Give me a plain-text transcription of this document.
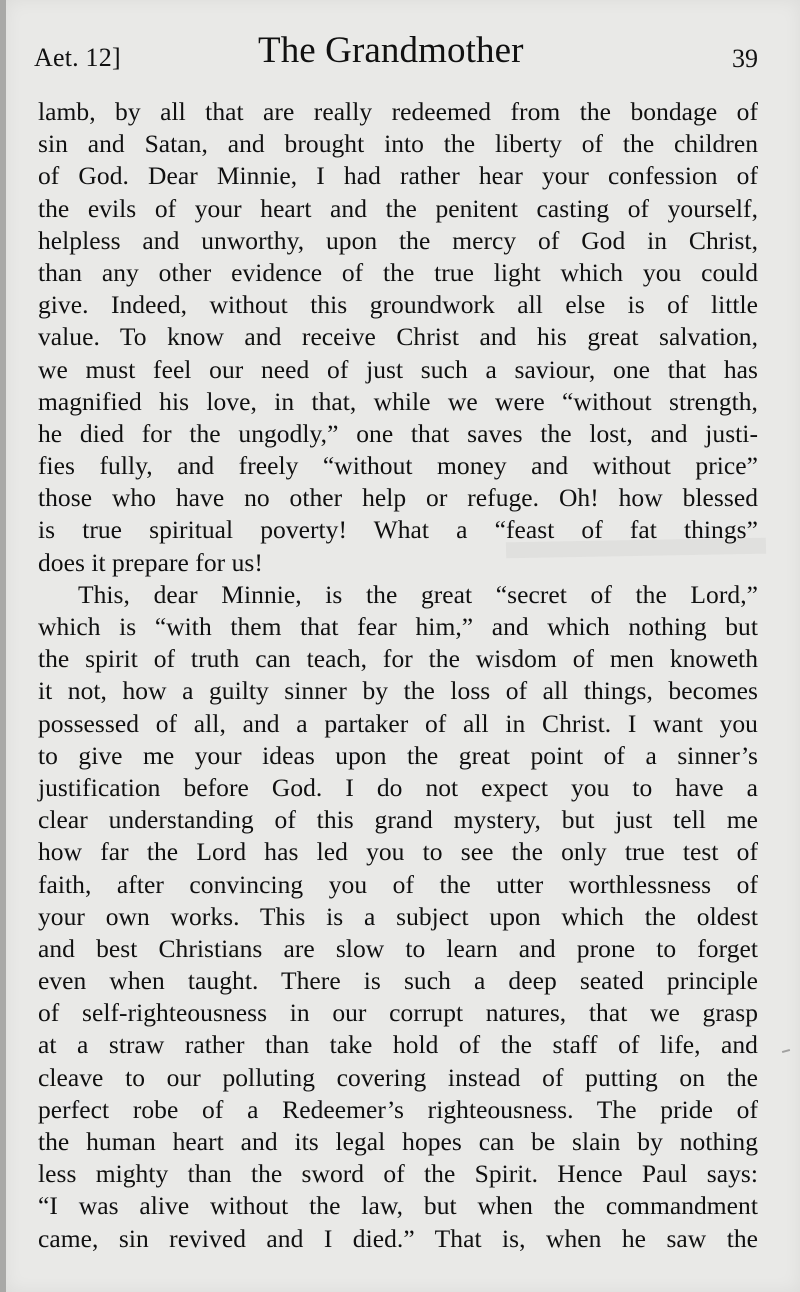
Aet. 12]	The Grandmother	39
lamb, by all that are really redeemed from the bondage of
sin and Satan, and brought into the liberty of the children
of God. Dear Minnie, I had rather hear your confession of
the evils of your heart and the penitent casting of yourself,
helpless and unworthy, upon the mercy of God in Christ,
than any other evidence of the true light which you could
give. Indeed, without this groundwork all else is of little
value. To know and receive Christ and his great salvation,
we must feel our need of just such a saviour, one that has
magnified his love, in that, while we were “without strength,
he died for the ungodly,” one that saves the lost, and justi-
fies fully, and freely “without money and without price”
those who have no other help or refuge. Oh! how blessed
is true spiritual poverty! What a “feast of fat things”
does it prepare for us!
This, dear Minnie, is the great “secret of the Lord,”
which is “with them that fear him,” and which nothing but
the spirit of truth can teach, for the wisdom of men knoweth
it not, how a guilty sinner by the loss of all things, becomes
possessed of all, and a partaker of all in Christ. I want you
to give me your ideas upon the great point of a sinner’s
justification before God. I do not expect you to have a
clear understanding of this grand mystery, but just tell me
how far the Lord has led you to see the only true test of
faith, after convincing you of the utter worthlessness of
your own works. This is a subject upon which the oldest
and best Christians are slow to learn and prone to forget
even when taught. There is such a deep seated principle
of self-righteousness in our corrupt natures, that we grasp
at a straw rather than take hold of the staff of life, and
cleave to our polluting covering instead of putting on the
perfect robe of a Redeemer’s righteousness. The pride of
the human heart and its legal hopes can be slain by nothing
less mighty than the sword of the Spirit. Hence Paul says:
“I was alive without the law, but when the commandment
came, sin revived and I died.” That is, when he saw the
